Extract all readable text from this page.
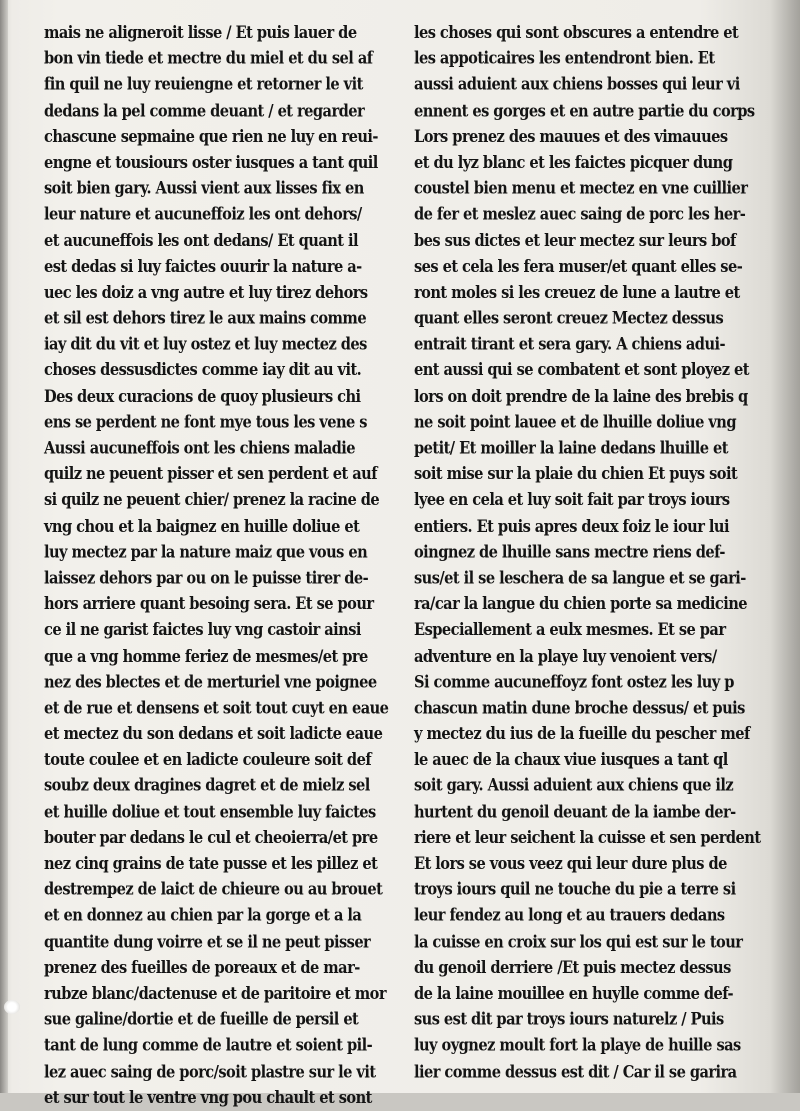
mais ne aligneroit lisse / Et puis lauer de
bon vin tiede et mectre du miel et du sel af
fin quil ne luy reuiengne et retorner le vit
dedans la pel comme deuant / et regarder
chascune sepmaine que rien ne luy en reui-
engne et tousiours oster iusques a tant quil
soit bien gary. Aussi vient aux lisses fix en
leur nature et aucuneffoiz les ont dehors/
et aucuneffois les ont dedans/ Et quant il
est dedas si luy faictes ouurir la nature a-
uec les doiz a vng autre et luy tirez dehors
et sil est dehors tirez le aux mains comme
iay dit du vit et luy ostez et luy mectez des
choses dessusdictes comme iay dit au vit.
Des deux curacions de quoy plusieurs chi
ens se perdent ne font mye tous les vene s
Aussi aucuneffois ont les chiens maladie
quilz ne peuent pisser et sen perdent et auf
si quilz ne peuent chier/ prenez la racine de
vng chou et la baignez en huille doliue et
luy mectez par la nature maiz que vous en
laissez dehors par ou on le puisse tirer de-
hors arriere quant besoing sera. Et se pour
ce il ne garist faictes luy vng castoir ainsi
que a vng homme feriez de mesmes/et pre
nez des blectes et de merturiel vne poignee
et de rue et densens et soit tout cuyt en eaue
et mectez du son dedans et soit ladicte eaue
toute coulee et en ladicte couleure soit def
soubz deux dragines dagret et de mielz sel
et huille doliue et tout ensemble luy faictes
bouter par dedans le cul et cheoierra/et pre
nez cinq grains de tate pusse et les pillez et
destrempez de laict de chieure ou au brouet
et en donnez au chien par la gorge et a la
quantite dung voirre et se il ne peut pisser
prenez des fueilles de poreaux et de mar-
rubze blanc/dactenuse et de paritoire et mor
sue galine/dortie et de fueille de persil et
tant de lung comme de lautre et soient pil-
lez auec saing de porc/soit plastre sur le vit
et sur tout le ventre vng pou chault et sont
les choses qui sont obscures a entendre et
les appoticaires les entendront bien. Et
aussi aduient aux chiens bosses qui leur vi
ennent es gorges et en autre partie du corps
Lors prenez des mauues et des vimauues
et du lyz blanc et les faictes picquer dung
coustel bien menu et mectez en vne cuillier
de fer et meslez auec saing de porc les her-
bes sus dictes et leur mectez sur leurs bof
ses et cela les fera muser/et quant elles se-
ront moles si les creuez de lune a lautre et
quant elles seront creuez Mectez dessus
entrait tirant et sera gary. A chiens adui-
ent aussi qui se combatent et sont ployez et
lors on doit prendre de la laine des brebis q
ne soit point lauee et de lhuille doliue vng
petit/ Et moiller la laine dedans lhuille et
soit mise sur la plaie du chien Et puys soit
lyee en cela et luy soit fait par troys iours
entiers. Et puis apres deux foiz le iour lui
oingnez de lhuille sans mectre riens def-
sus/et il se leschera de sa langue et se gari-
ra/car la langue du chien porte sa medicine
Especiallement a eulx mesmes. Et se par
adventure en la playe luy venoient vers/
Si comme aucuneffoyz font ostez les luy p
chascun matin dune broche dessus/ et puis
y mectez du ius de la fueille du pescher mef
le auec de la chaux viue iusques a tant ql
soit gary. Aussi aduient aux chiens que ilz
hurtent du genoil deuant de la iambe der-
riere et leur seichent la cuisse et sen perdent
Et lors se vous veez qui leur dure plus de
troys iours quil ne touche du pie a terre si
leur fendez au long et au trauers dedans
la cuisse en croix sur los qui est sur le tour
du genoil derriere /Et puis mectez dessus
de la laine mouillee en huylle comme def-
sus est dit par troys iours naturelz / Puis
luy oygnez moult fort la playe de huille sas
lier comme dessus est dit / Car il se garira
